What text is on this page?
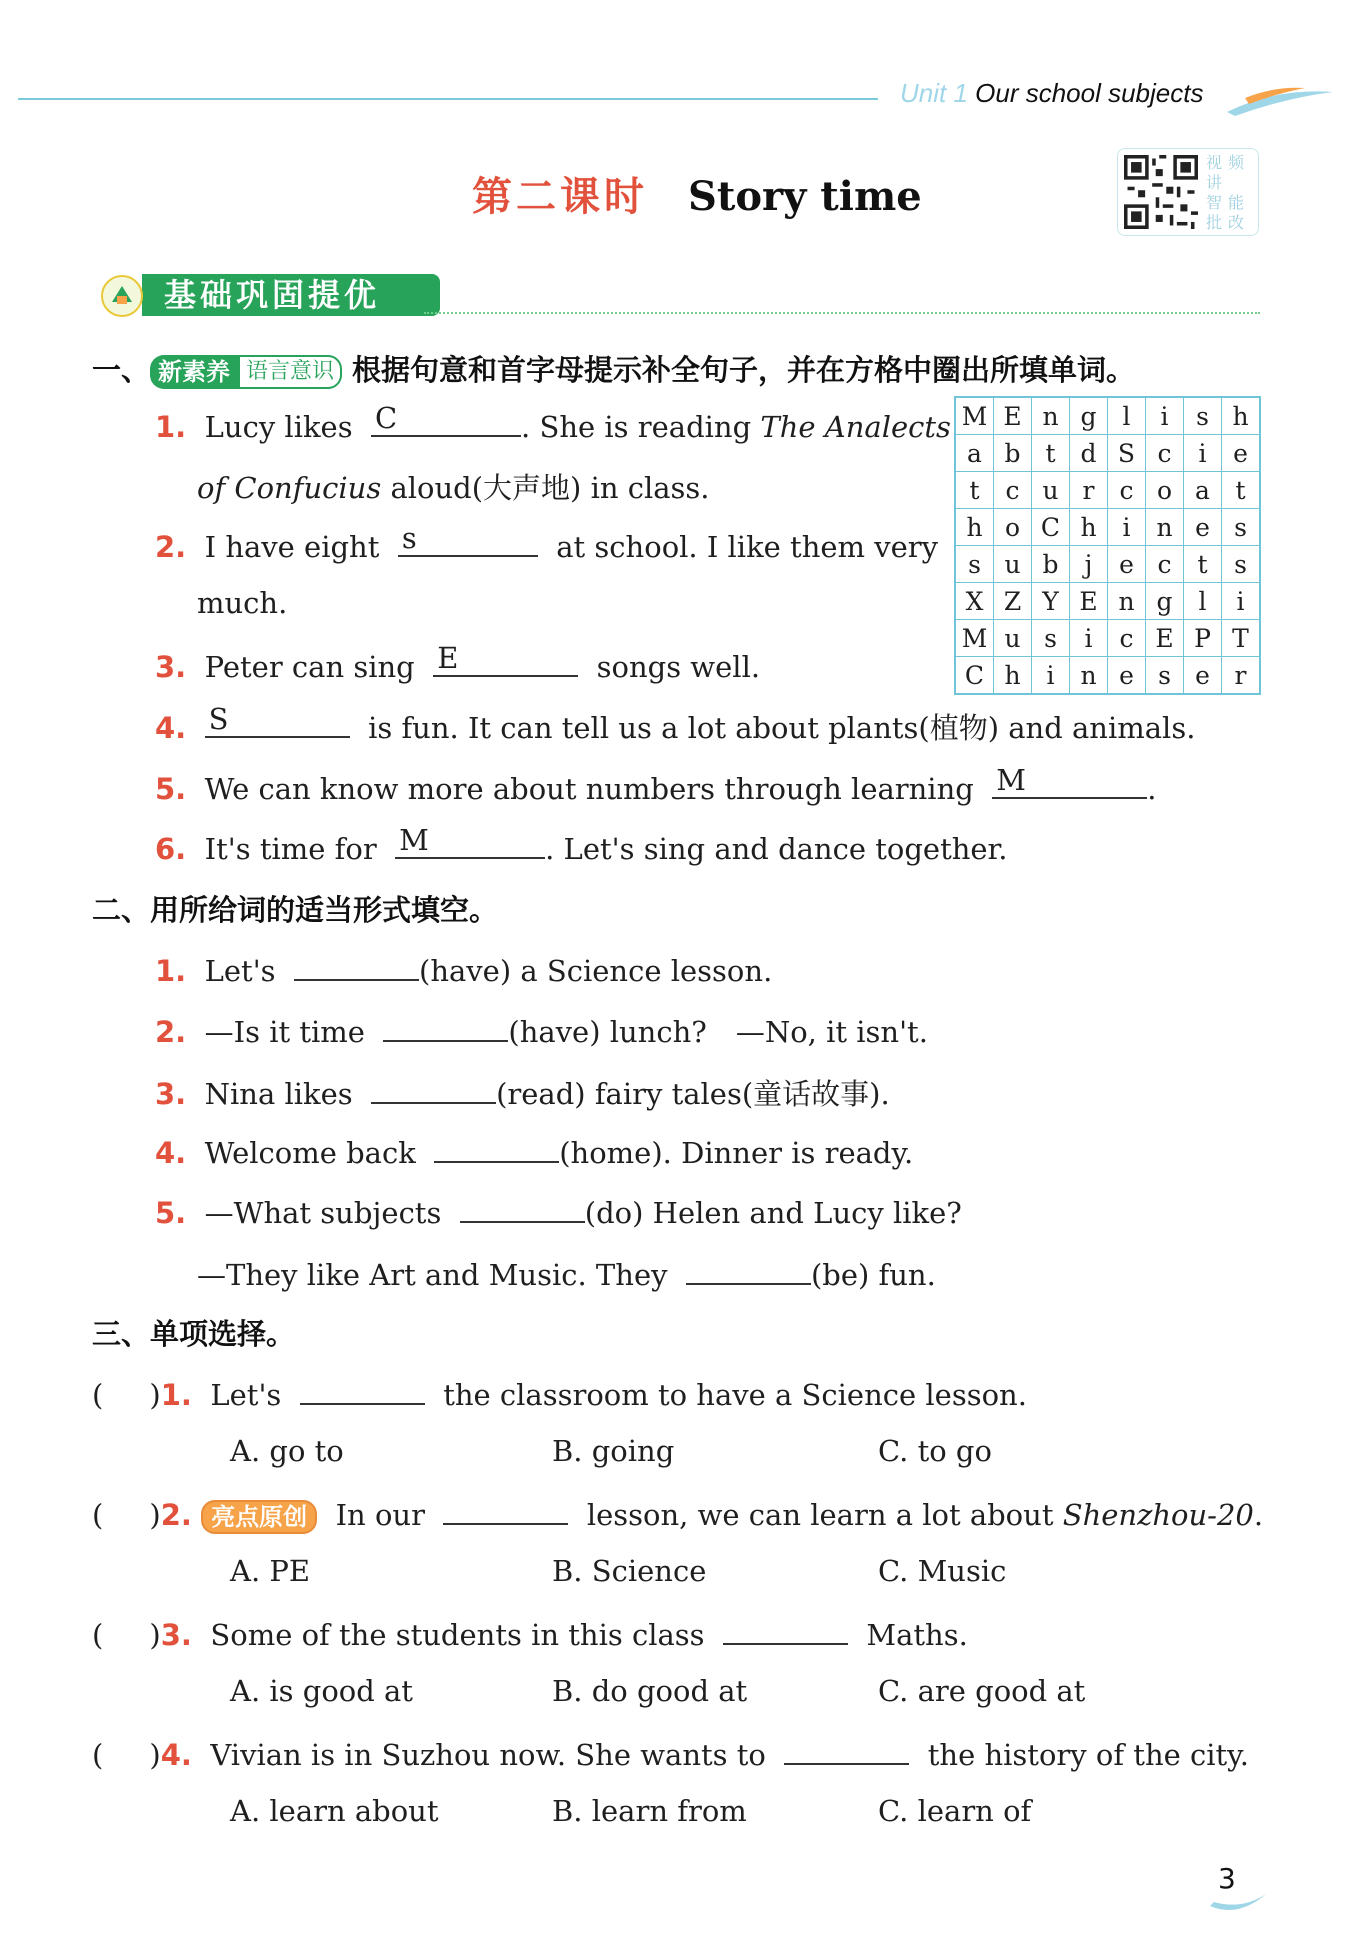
Unit 1 Our school subjects
第二课时 Story time
视频讲
智能批改
基础巩固提优
一、 新素养 语言意识 根据句意和首字母提示补全句子，并在方格中圈出所填单词。
1. Lucy likes C	. She is reading The Analects
of Confucius aloud(大声地) in class.
2. I have eight s	at school. I like them very
much.
3. Peter can sing E	songs well.
4. S	is fun. It can tell us a lot about plants(植物) and animals.
5. We can know more about numbers through learning M	.
6. It's time for M	. Let's sing and dance together.
M	E	n	g	l	i	s	h
a	b	t	d	S	c	i	e
t	c	u	r	c	o	a	t
h	o	C	h	i	n	e	s
s	u	b	j	e	c	t	s
X	Z	Y	E	n	g	l	i
M	u	s	i	c	E	P	T
C	h	i	n	e	s	e	r
二、用所给词的适当形式填空。
1. Let's	(have) a Science lesson.
2. —Is it time	(have) lunch?　—No, it isn't.
3. Nina likes	(read) fairy tales(童话故事).
4. Welcome back	(home). Dinner is ready.
5. —What subjects	(do) Helen and Lucy like?
—They like Art and Music. They	(be) fun.
三、单项选择。
(     )1. Let's	the classroom to have a Science lesson.
A. go to	B. going	C. to go
(     )2. 亮点原创 In our	lesson, we can learn a lot about Shenzhou-20.
A. PE	B. Science	C. Music
(     )3. Some of the students in this class	Maths.
A. is good at	B. do good at	C. are good at
(     )4. Vivian is in Suzhou now. She wants to	the history of the city.
A. learn about	B. learn from	C. learn of
3
